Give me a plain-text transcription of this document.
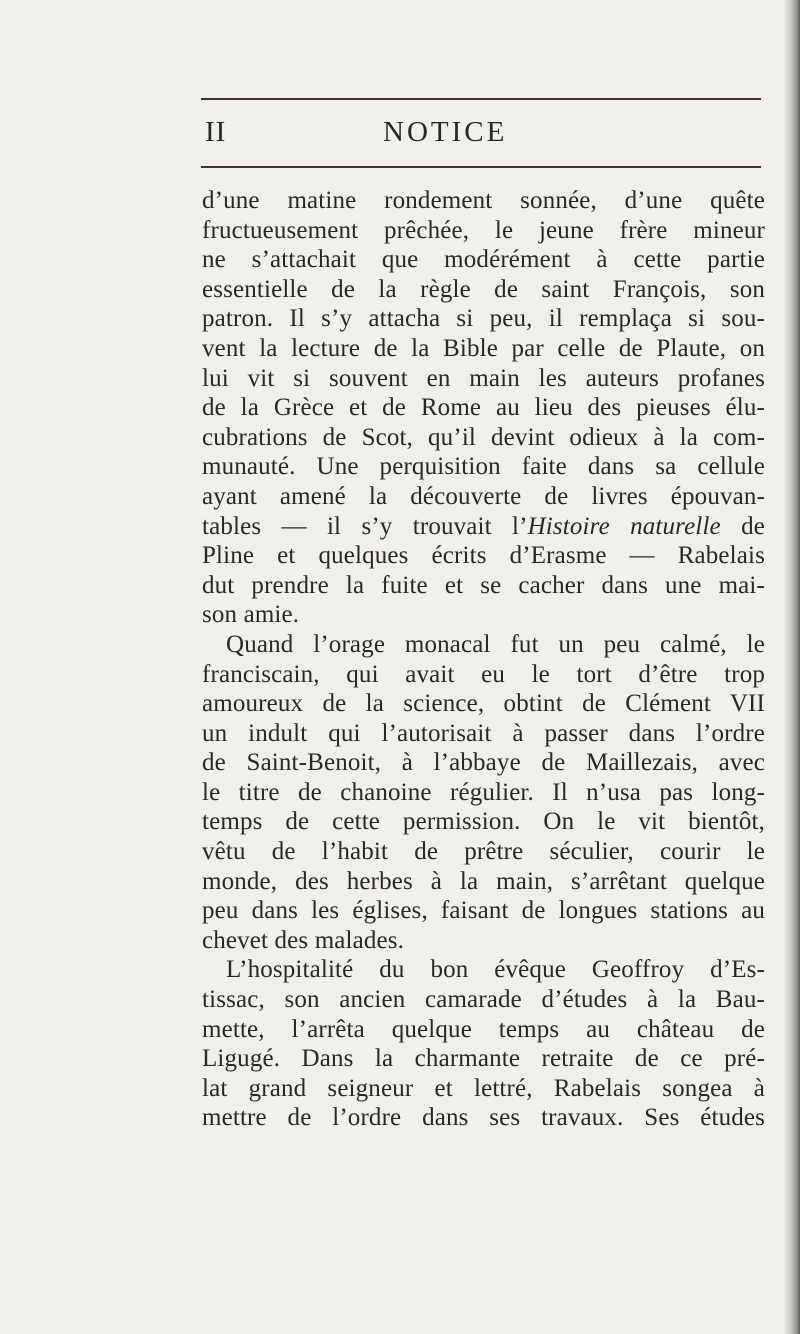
II	NOTICE
d’une matine rondement sonnée, d’une quête
fructueusement prêchée, le jeune frère mineur
ne s’attachait que modérément à cette partie
essentielle de la règle de saint François, son
patron. Il s’y attacha si peu, il remplaça si sou-
vent la lecture de la Bible par celle de Plaute, on
lui vit si souvent en main les auteurs profanes
de la Grèce et de Rome au lieu des pieuses élu-
cubrations de Scot, qu’il devint odieux à la com-
munauté. Une perquisition faite dans sa cellule
ayant amené la découverte de livres épouvan-
tables — il s’y trouvait l’Histoire naturelle de
Pline et quelques écrits d’Erasme — Rabelais
dut prendre la fuite et se cacher dans une mai-
son amie.
Quand l’orage monacal fut un peu calmé, le
franciscain, qui avait eu le tort d’être trop
amoureux de la science, obtint de Clément VII
un indult qui l’autorisait à passer dans l’ordre
de Saint-Benoit, à l’abbaye de Maillezais, avec
le titre de chanoine régulier. Il n’usa pas long-
temps de cette permission. On le vit bientôt,
vêtu de l’habit de prêtre séculier, courir le
monde, des herbes à la main, s’arrêtant quelque
peu dans les églises, faisant de longues stations au
chevet des malades.
L’hospitalité du bon évêque Geoffroy d’Es-
tissac, son ancien camarade d’études à la Bau-
mette, l’arrêta quelque temps au château de
Ligugé. Dans la charmante retraite de ce pré-
lat grand seigneur et lettré, Rabelais songea à
mettre de l’ordre dans ses travaux. Ses études
